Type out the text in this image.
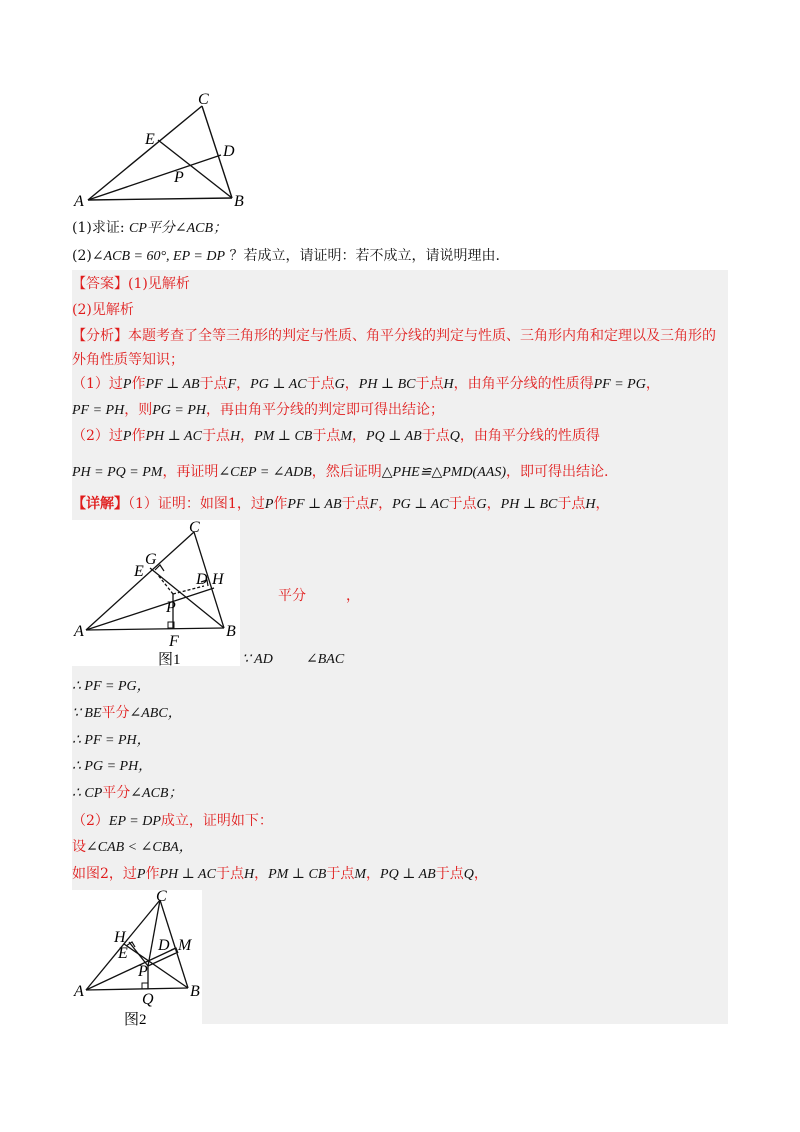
A	B
C
D
E
P
(1)求证: CP平分∠ACB；
(2)∠ACB = 60°, EP = DP ？若成立，请证明：若不成立，请说明理由.
【答案】(1)见解析
(2)见解析
【分析】本题考查了全等三角形的判定与性质、角平分线的判定与性质、三角形内角和定理以及三角形的
外角性质等知识；
（1）过P作PF ⊥ AB于点F，PG ⊥ AC于点G，PH ⊥ BC于点H，由角平分线的性质得PF = PG，
PF = PH，则PG = PH，再由角平分线的判定即可得出结论；
（2）过P作PH ⊥ AC于点H，PM ⊥ CB于点M，PQ ⊥ AB于点Q，由角平分线的性质得
PH = PQ = PM，再证明∠CEP = ∠ADB，然后证明△PHE≌△PMD(AAS)，即可得出结论.
【详解】（1）证明：如图1，过P作PF ⊥ AB于点F，PG ⊥ AC于点G，PH ⊥ BC于点H，
A	B
C
D
E
F
G
H
P
图1
平分	，
∵ AD ∠BAC
∴ PF = PG，
∵ BE平分∠ABC，
∴ PF = PH，
∴ PG = PH，
∴ CP平分∠ACB；
（2）EP = DP成立，证明如下：
设∠CAB < ∠CBA，
如图2，过P作PH ⊥ AC于点H，PM ⊥ CB于点M，PQ ⊥ AB于点Q，
A	B
C
D
E
H	M
P
Q
图2
